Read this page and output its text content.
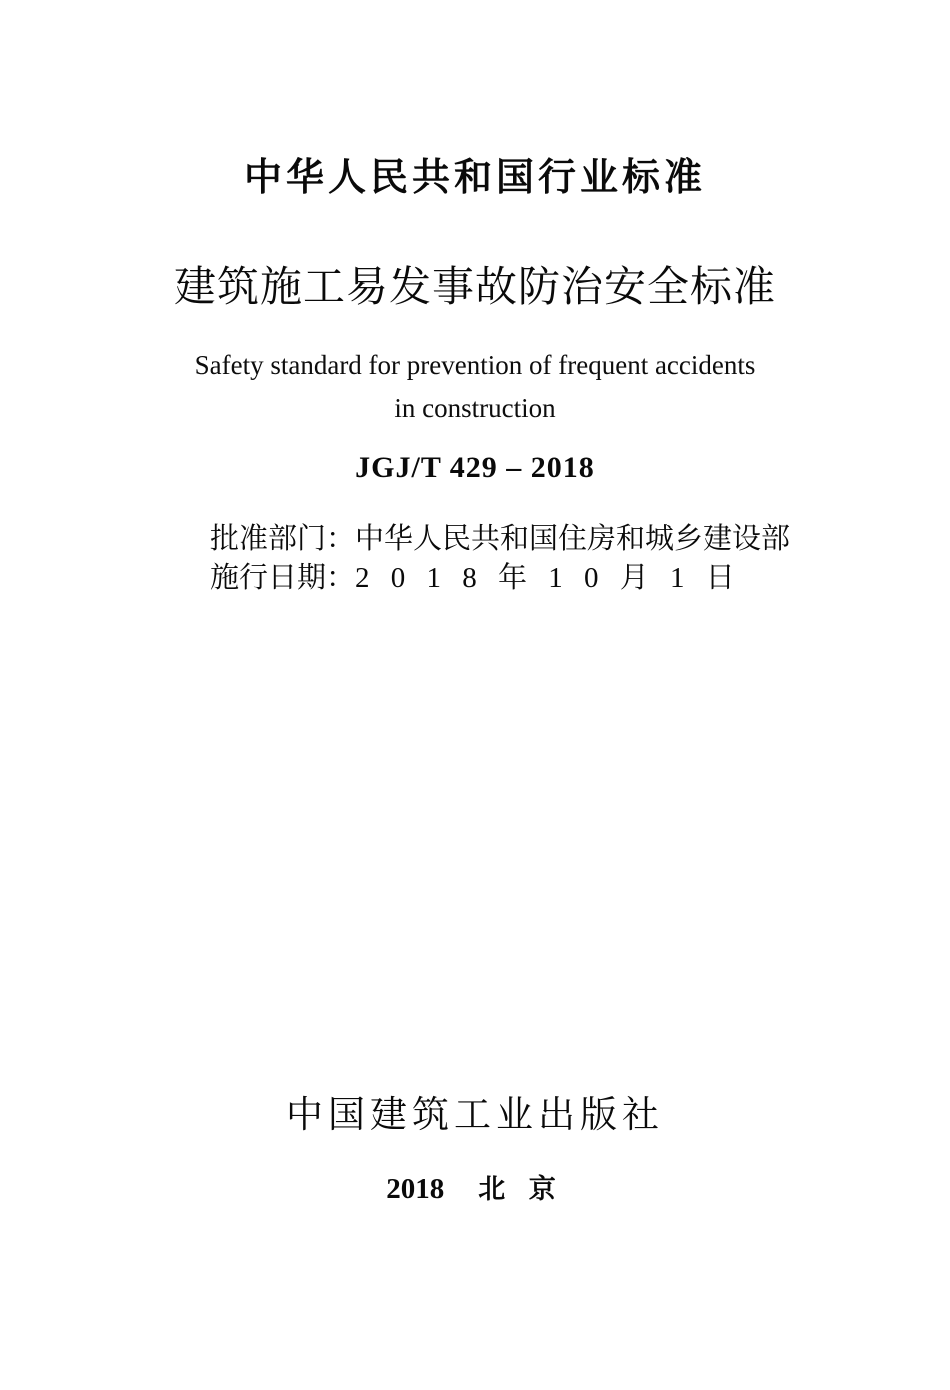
中华人民共和国行业标准
建筑施工易发事故防治安全标准
Safety standard for prevention of frequent accidents
in construction
JGJ/T 429 – 2018
批准部门：中华人民共和国住房和城乡建设部
施行日期：2 0 1 8 年 1 0 月 1 日
中国建筑工业出版社
2018 北 京
